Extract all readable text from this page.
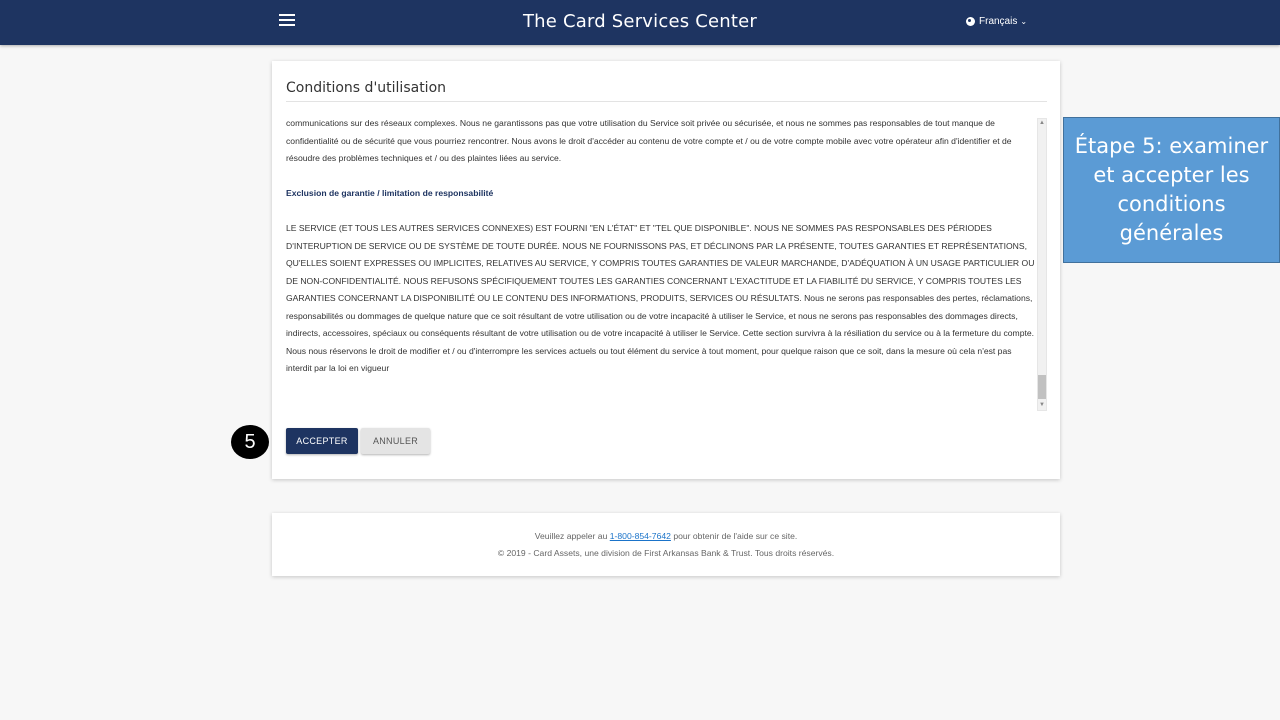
The Card Services Center	Français ⌄
Conditions d'utilisation

communications sur des réseaux complexes. Nous ne garantissons pas que votre utilisation du Service soit privée ou sécurisée, et nous ne sommes pas responsables de tout manque de confidentialité ou de sécurité que vous pourriez rencontrer. Nous avons le droit d'accéder au contenu de votre compte et / ou de votre compte mobile avec votre opérateur afin d'identifier et de résoudre des problèmes techniques et / ou des plaintes liées au service.

Exclusion de garantie / limitation de responsabilité

LE SERVICE (ET TOUS LES AUTRES SERVICES CONNEXES) EST FOURNI "EN L'ÉTAT" ET "TEL QUE DISPONIBLE". NOUS NE SOMMES PAS RESPONSABLES DES PÉRIODES D'INTERUPTION DE SERVICE OU DE SYSTÈME DE TOUTE DURÉE. NOUS NE FOURNISSONS PAS, ET DÉCLINONS PAR LA PRÉSENTE, TOUTES GARANTIES ET REPRÉSENTATIONS, QU'ELLES SOIENT EXPRESSES OU IMPLICITES, RELATIVES AU SERVICE, Y COMPRIS TOUTES GARANTIES DE VALEUR MARCHANDE, D'ADÉQUATION À UN USAGE PARTICULIER OU DE NON-CONFIDENTIALITÉ. NOUS REFUSONS SPÉCIFIQUEMENT TOUTES LES GARANTIES CONCERNANT L'EXACTITUDE ET LA FIABILITÉ DU SERVICE, Y COMPRIS TOUTES LES GARANTIES CONCERNANT LA DISPONIBILITÉ OU LE CONTENU DES INFORMATIONS, PRODUITS, SERVICES OU RÉSULTATS. Nous ne serons pas responsables des pertes, réclamations, responsabilités ou dommages de quelque nature que ce soit résultant de votre utilisation ou de votre incapacité à utiliser le Service, et nous ne serons pas responsables des dommages directs, indirects, accessoires, spéciaux ou conséquents résultant de votre utilisation ou de votre incapacité à utiliser le Service. Cette section survivra à la résiliation du service ou à la fermeture du compte. Nous nous réservons le droit de modifier et / ou d'interrompre les services actuels ou tout élément du service à tout moment, pour quelque raison que ce soit, dans la mesure où cela n'est pas interdit par la loi en vigueur

▲
▼
ACCEPTER	ANNULER
5
Étape 5: examiner et accepter les conditions générales
Veuillez appeler au 1-800-854-7642 pour obtenir de l'aide sur ce site.
© 2019 - Card Assets, une division de First Arkansas Bank & Trust. Tous droits réservés.
